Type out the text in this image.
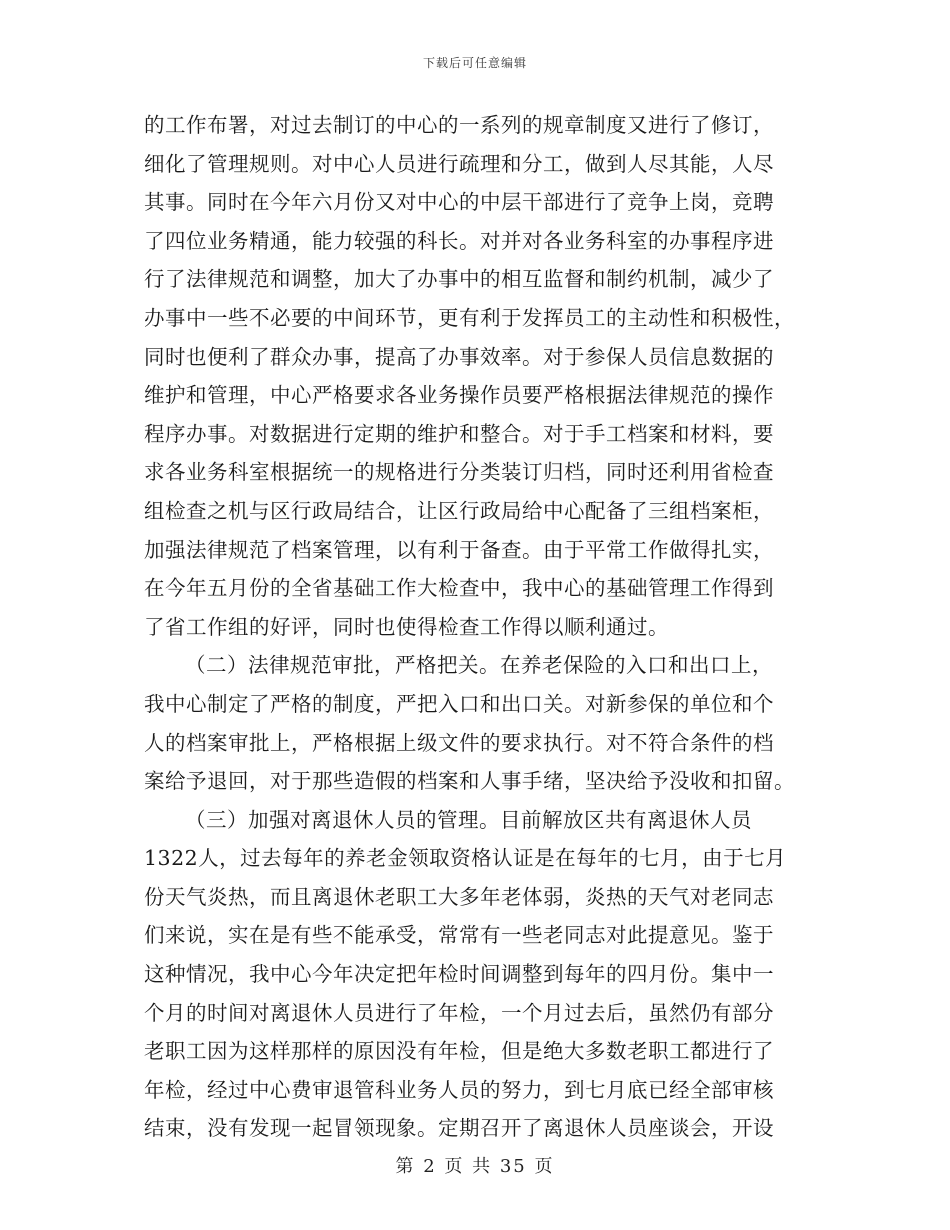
下载后可任意编辑
的工作布署，对过去制订的中心的一系列的规章制度又进行了修订，
细化了管理规则。对中心人员进行疏理和分工，做到人尽其能，人尽
其事。同时在今年六月份又对中心的中层干部进行了竞争上岗，竞聘
了四位业务精通，能力较强的科长。对并对各业务科室的办事程序进
行了法律规范和调整，加大了办事中的相互监督和制约机制，减少了
办事中一些不必要的中间环节，更有利于发挥员工的主动性和积极性，
同时也便利了群众办事，提高了办事效率。对于参保人员信息数据的
维护和管理，中心严格要求各业务操作员要严格根据法律规范的操作
程序办事。对数据进行定期的维护和整合。对于手工档案和材料，要
求各业务科室根据统一的规格进行分类装订归档，同时还利用省检查
组检查之机与区行政局结合，让区行政局给中心配备了三组档案柜，
加强法律规范了档案管理，以有利于备查。由于平常工作做得扎实，
在今年五月份的全省基础工作大检查中，我中心的基础管理工作得到
了省工作组的好评，同时也使得检查工作得以顺利通过。
（二）法律规范审批，严格把关。在养老保险的入口和出口上，
我中心制定了严格的制度，严把入口和出口关。对新参保的单位和个
人的档案审批上，严格根据上级文件的要求执行。对不符合条件的档
案给予退回，对于那些造假的档案和人事手绪，坚决给予没收和扣留。
（三）加强对离退休人员的管理。目前解放区共有离退休人员
1322人，过去每年的养老金领取资格认证是在每年的七月，由于七月
份天气炎热，而且离退休老职工大多年老体弱，炎热的天气对老同志
们来说，实在是有些不能承受，常常有一些老同志对此提意见。鉴于
这种情况，我中心今年决定把年检时间调整到每年的四月份。集中一
个月的时间对离退休人员进行了年检，一个月过去后，虽然仍有部分
老职工因为这样那样的原因没有年检，但是绝大多数老职工都进行了
年检，经过中心费审退管科业务人员的努力，到七月底已经全部审核
结束，没有发现一起冒领现象。定期召开了离退休人员座谈会，开设
第 2 页 共 35 页
